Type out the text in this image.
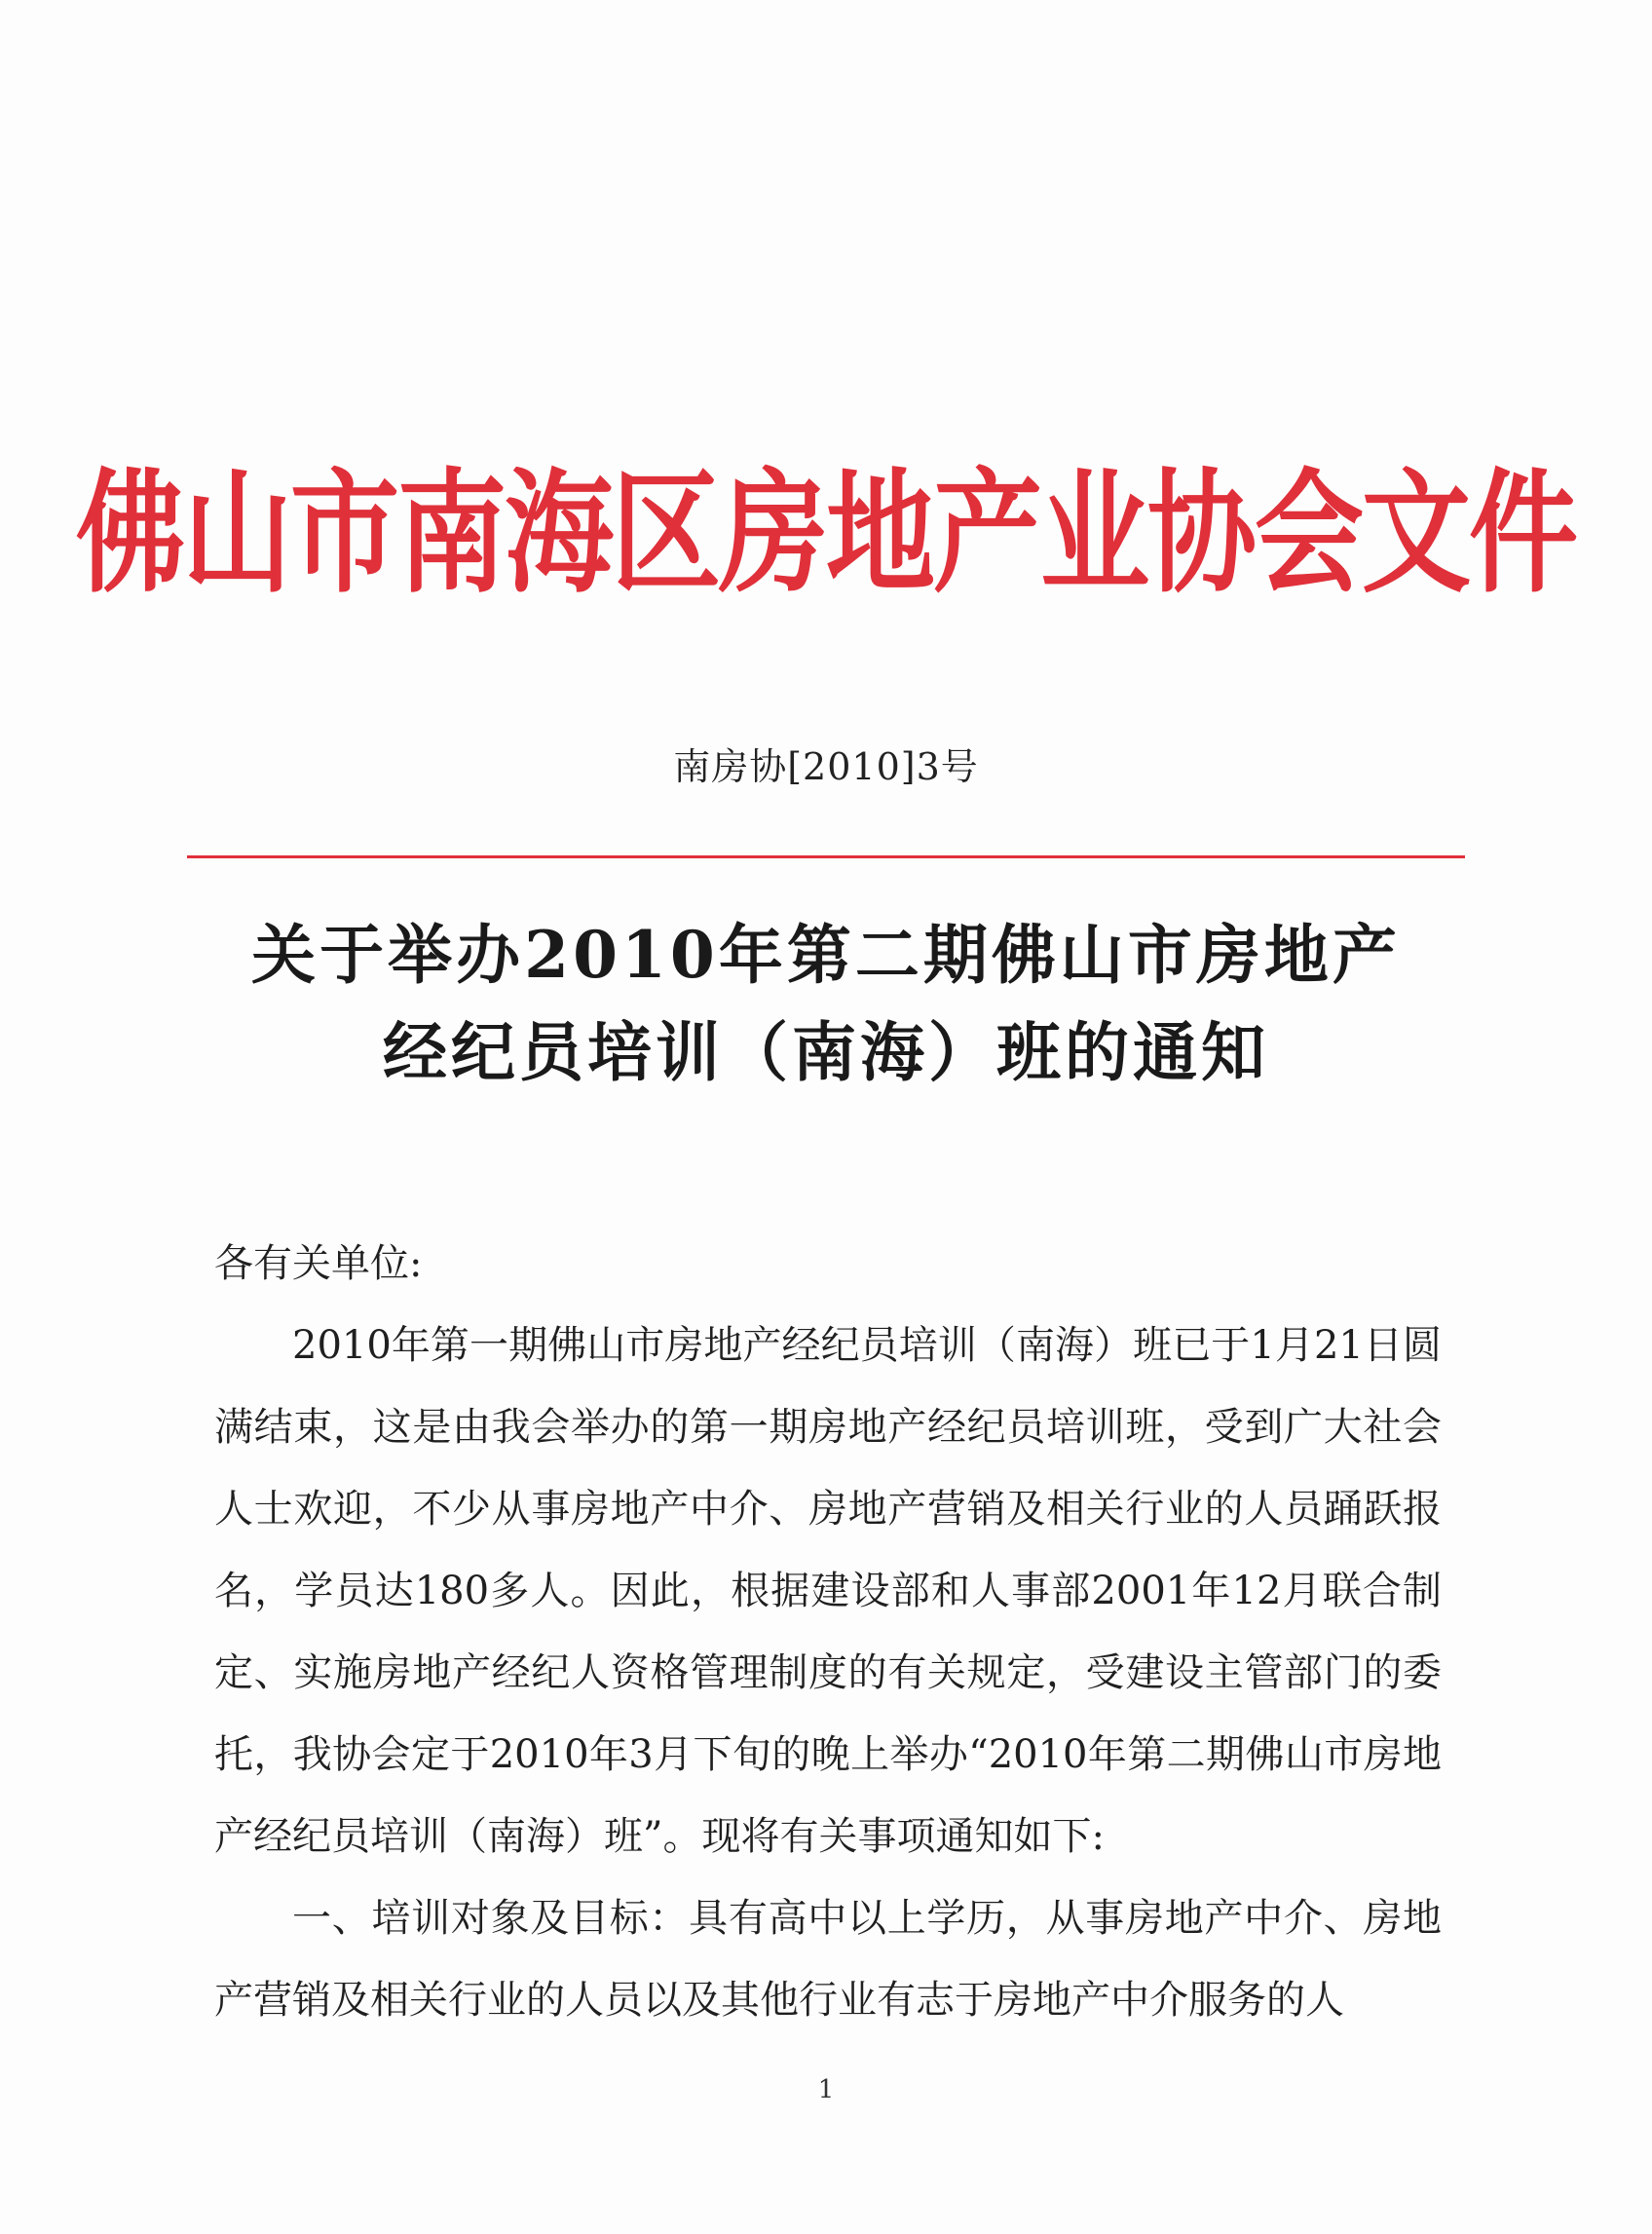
佛山市南海区房地产业协会文件
南房协[2010]3号
关于举办2010年第二期佛山市房地产
经纪员培训（南海）班的通知

各有关单位:

2010年第一期佛山市房地产经纪员培训（南海）班已于1月21日圆满结束，这是由我会举办的第一期房地产经纪员培训班，受到广大社会人士欢迎，不少从事房地产中介、房地产营销及相关行业的人员踊跃报名，学员达180多人。因此，根据建设部和人事部2001年12月联合制定、实施房地产经纪人资格管理制度的有关规定，受建设主管部门的委托，我协会定于2010年3月下旬的晚上举办“2010年第二期佛山市房地产经纪员培训（南海）班”。现将有关事项通知如下:

一、培训对象及目标：具有高中以上学历，从事房地产中介、房地产营销及相关行业的人员以及其他行业有志于房地产中介服务的人

1
